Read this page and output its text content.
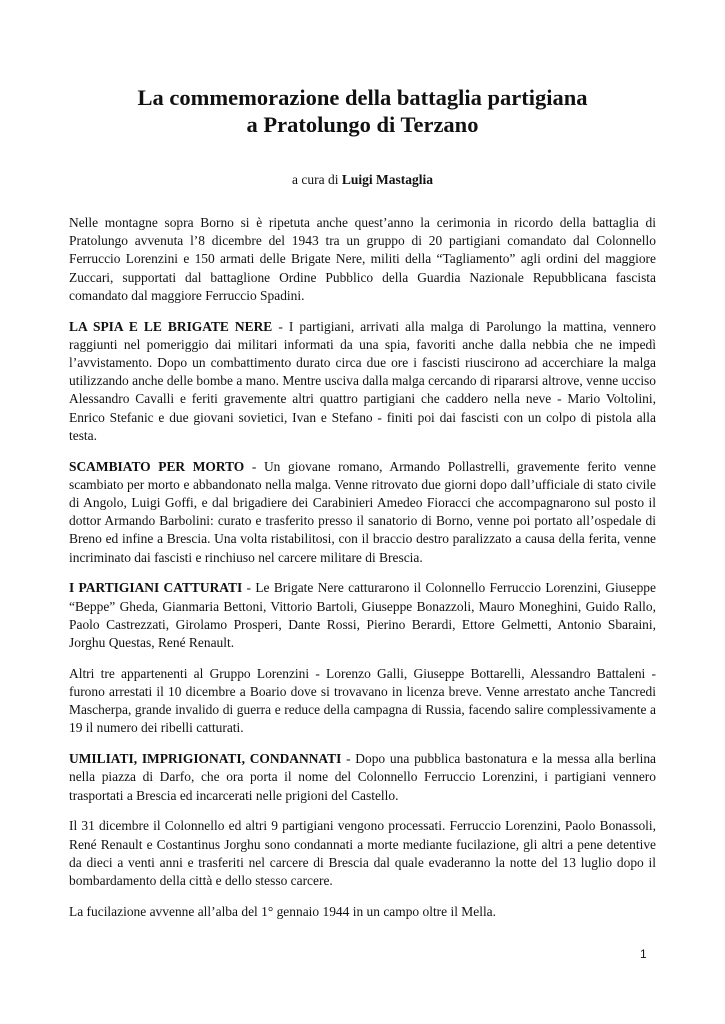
La commemorazione della battaglia partigiana
a Pratolungo di Terzano
a cura di Luigi Mastaglia

Nelle montagne sopra Borno si è ripetuta anche quest’anno la cerimonia in ricordo della battaglia di Pratolungo avvenuta l’8 dicembre del 1943 tra un gruppo di 20 partigiani comandato dal Colonnello Ferruccio Lorenzini e 150 armati delle Brigate Nere, militi della “Tagliamento” agli ordini del maggiore Zuccari, supportati dal battaglione Ordine Pubblico della Guardia Nazionale Repubblicana fascista comandato dal maggiore Ferruccio Spadini.

LA SPIA E LE BRIGATE NERE - I partigiani, arrivati alla malga di Parolungo la mattina, vennero raggiunti nel pomeriggio dai militari informati da una spia, favoriti anche dalla nebbia che ne impedì l’avvistamento. Dopo un combattimento durato circa due ore i fascisti riuscirono ad accerchiare la malga utilizzando anche delle bombe a mano. Mentre usciva dalla malga cercando di ripararsi altrove, venne ucciso Alessandro Cavalli e feriti gravemente altri quattro partigiani che caddero nella neve - Mario Voltolini, Enrico Stefanic e due giovani sovietici, Ivan e Stefano - finiti poi dai fascisti con un colpo di pistola alla testa.

SCAMBIATO PER MORTO - Un giovane romano, Armando Pollastrelli, gravemente ferito venne scambiato per morto e abbandonato nella malga. Venne ritrovato due giorni dopo dall’ufficiale di stato civile di Angolo, Luigi Goffi, e dal brigadiere dei Carabinieri Amedeo Fioracci che accompagnarono sul posto il dottor Armando Barbolini: curato e trasferito presso il sanatorio di Borno, venne poi portato all’ospedale di Breno ed infine a Brescia. Una volta ristabilitosi, con il braccio destro paralizzato a causa della ferita, venne incriminato dai fascisti e rinchiuso nel carcere militare di Brescia.

I PARTIGIANI CATTURATI - Le Brigate Nere catturarono il Colonnello Ferruccio Lorenzini, Giuseppe “Beppe” Gheda, Gianmaria Bettoni, Vittorio Bartoli, Giuseppe Bonazzoli, Mauro Moneghini, Guido Rallo, Paolo Castrezzati, Girolamo Prosperi, Dante Rossi, Pierino Berardi, Ettore Gelmetti, Antonio Sbaraini, Jorghu Questas, René Renault.

Altri tre appartenenti al Gruppo Lorenzini - Lorenzo Galli, Giuseppe Bottarelli, Alessandro Battaleni - furono arrestati il 10 dicembre a Boario dove si trovavano in licenza breve. Venne arrestato anche Tancredi Mascherpa, grande invalido di guerra e reduce della campagna di Russia, facendo salire complessivamente a 19 il numero dei ribelli catturati.

UMILIATI, IMPRIGIONATI, CONDANNATI - Dopo una pubblica bastonatura e la messa alla berlina nella piazza di Darfo, che ora porta il nome del Colonnello Ferruccio Lorenzini, i partigiani vennero trasportati a Brescia ed incarcerati nelle prigioni del Castello.

Il 31 dicembre il Colonnello ed altri 9 partigiani vengono processati. Ferruccio Lorenzini, Paolo Bonassoli, René Renault e Costantinus Jorghu sono condannati a morte mediante fucilazione, gli altri a pene detentive da dieci a venti anni e trasferiti nel carcere di Brescia dal quale evaderanno la notte del 13 luglio dopo il bombardamento della città e dello stesso carcere.

La fucilazione avvenne all’alba del 1° gennaio 1944 in un campo oltre il Mella.

1
